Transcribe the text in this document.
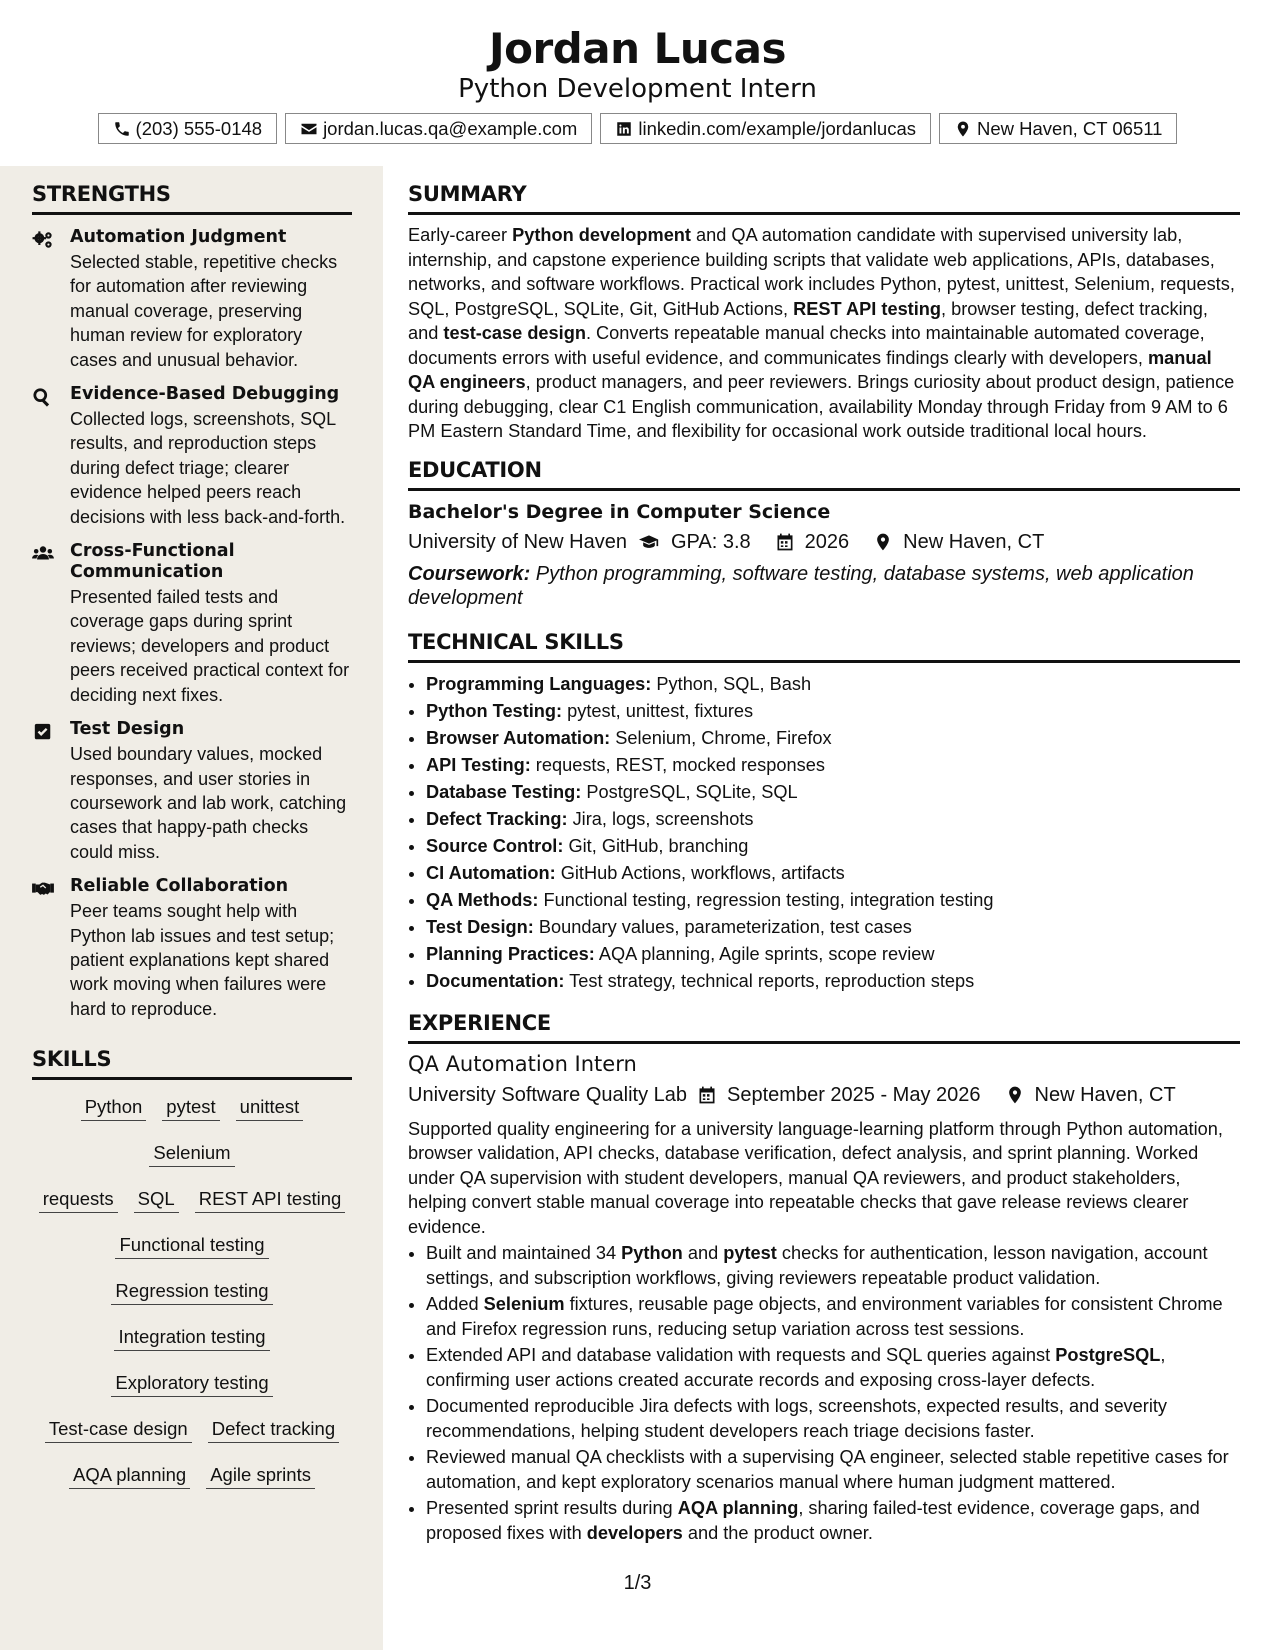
Jordan Lucas
Python Development Intern
(203) 555-0148	jordan.lucas.qa@example.com	linkedin.com/example/jordanlucas	New Haven, CT 06511
STRENGTHS
Automation Judgment
Selected stable, repetitive checks for automation after reviewing manual coverage, preserving human review for exploratory cases and unusual behavior.
Evidence-Based Debugging
Collected logs, screenshots, SQL results, and reproduction steps during defect triage; clearer evidence helped peers reach decisions with less back-and-forth.
Cross-Functional Communication
Presented failed tests and coverage gaps during sprint reviews; developers and product peers received practical context for deciding next fixes.
Test Design
Used boundary values, mocked responses, and user stories in coursework and lab work, catching cases that happy-path checks could miss.
Reliable Collaboration
Peer teams sought help with Python lab issues and test setup; patient explanations kept shared work moving when failures were hard to reproduce.
SKILLS
Python pytest unittest
Selenium
requests SQL REST API testing
Functional testing
Regression testing
Integration testing
Exploratory testing
Test-case design Defect tracking
AQA planning Agile sprints
SUMMARY
Early-career Python development and QA automation candidate with supervised university lab, internship, and capstone experience building scripts that validate web applications, APIs, databases, networks, and software workflows. Practical work includes Python, pytest, unittest, Selenium, requests, SQL, PostgreSQL, SQLite, Git, GitHub Actions, REST API testing, browser testing, defect tracking, and test-case design. Converts repeatable manual checks into maintainable automated coverage, documents errors with useful evidence, and communicates findings clearly with developers, manual QA engineers, product managers, and peer reviewers. Brings curiosity about product design, patience during debugging, clear C1 English communication, availability Monday through Friday from 9 AM to 6 PM Eastern Standard Time, and flexibility for occasional work outside traditional local hours.
EDUCATION
Bachelor's Degree in Computer Science
University of New Haven GPA: 3.8	2026	New Haven, CT
Coursework: Python programming, software testing, database systems, web application development
TECHNICAL SKILLS
• Programming Languages: Python, SQL, Bash
• Python Testing: pytest, unittest, fixtures
• Browser Automation: Selenium, Chrome, Firefox
• API Testing: requests, REST, mocked responses
• Database Testing: PostgreSQL, SQLite, SQL
• Defect Tracking: Jira, logs, screenshots
• Source Control: Git, GitHub, branching
• CI Automation: GitHub Actions, workflows, artifacts
• QA Methods: Functional testing, regression testing, integration testing
• Test Design: Boundary values, parameterization, test cases
• Planning Practices: AQA planning, Agile sprints, scope review
• Documentation: Test strategy, technical reports, reproduction steps
EXPERIENCE
QA Automation Intern
University Software Quality Lab September 2025 - May 2026	New Haven, CT
Supported quality engineering for a university language-learning platform through Python automation, browser validation, API checks, database verification, defect analysis, and sprint planning. Worked under QA supervision with student developers, manual QA reviewers, and product stakeholders, helping convert stable manual coverage into repeatable checks that gave release reviews clearer evidence.
• Built and maintained 34 Python and pytest checks for authentication, lesson navigation, account settings, and subscription workflows, giving reviewers repeatable product validation.
• Added Selenium fixtures, reusable page objects, and environment variables for consistent Chrome and Firefox regression runs, reducing setup variation across test sessions.
• Extended API and database validation with requests and SQL queries against PostgreSQL, confirming user actions created accurate records and exposing cross-layer defects.
• Documented reproducible Jira defects with logs, screenshots, expected results, and severity recommendations, helping student developers reach triage decisions faster.
• Reviewed manual QA checklists with a supervising QA engineer, selected stable repetitive cases for automation, and kept exploratory scenarios manual where human judgment mattered.
• Presented sprint results during AQA planning, sharing failed-test evidence, coverage gaps, and proposed fixes with developers and the product owner.
1/3
